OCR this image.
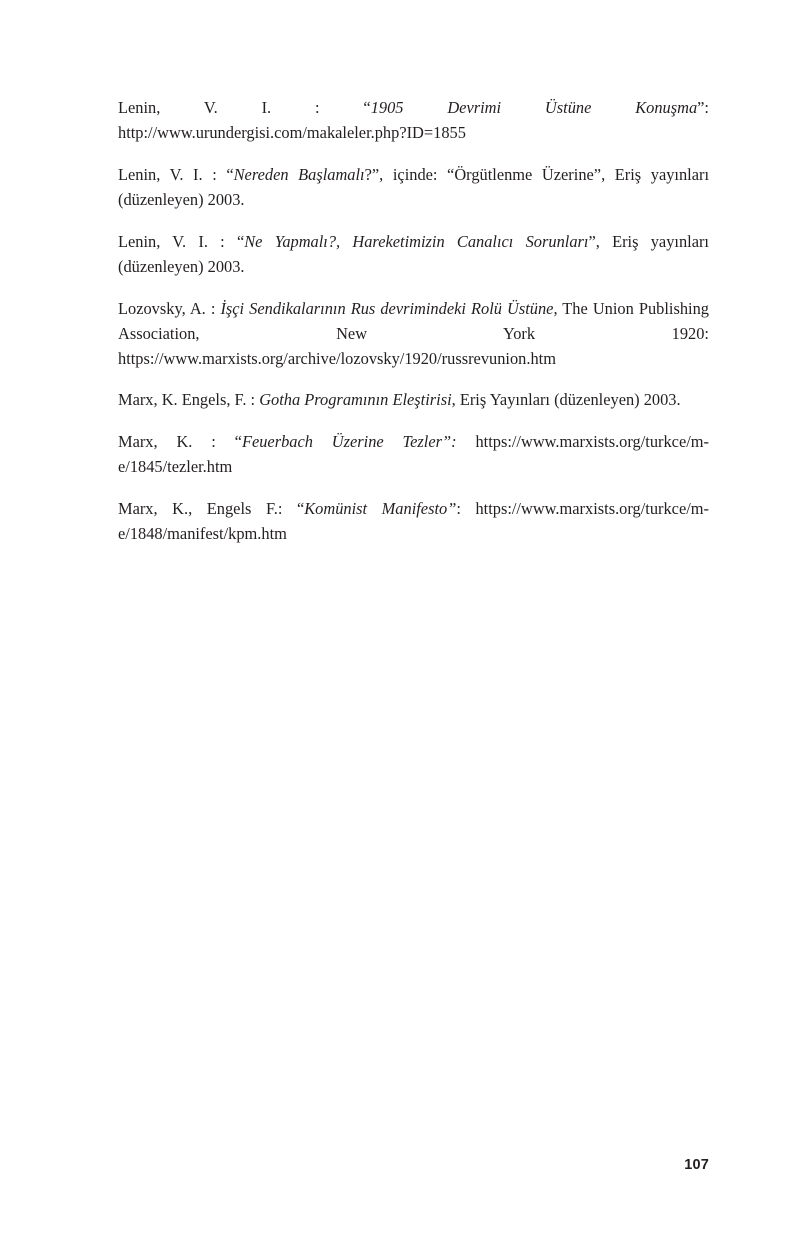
Lenin, V. I. : “1905 Devrimi Üstüne Konuşma”: http://www.urundergisi.com/makaleler.php?ID=1855

Lenin, V. I. : “Nereden Başlamalı?”, içinde: “Örgütlenme Üzerine”, Eriş yayınları (düzenleyen) 2003.

Lenin, V. I. : “Ne Yapmalı?, Hareketimizin Canalıcı Sorunları”, Eriş yayınları (düzenleyen) 2003.

Lozovsky, A. : İşçi Sendikalarının Rus devrimindeki Rolü Üstüne, The Union Publishing Association, New York 1920: https://www.marxists.org/archive/lozovsky/1920/russrevunion.htm

Marx, K. Engels, F. : Gotha Programının Eleştirisi, Eriş Yayınları (düzenleyen) 2003.

Marx, K. : “Feuerbach Üzerine Tezler”: https://www.marxists.org/turkce/m-e/1845/tezler.htm

Marx, K., Engels F.: “Komünist Manifesto”: https://www.marxists.org/turkce/m-e/1848/manifest/kpm.htm

107
